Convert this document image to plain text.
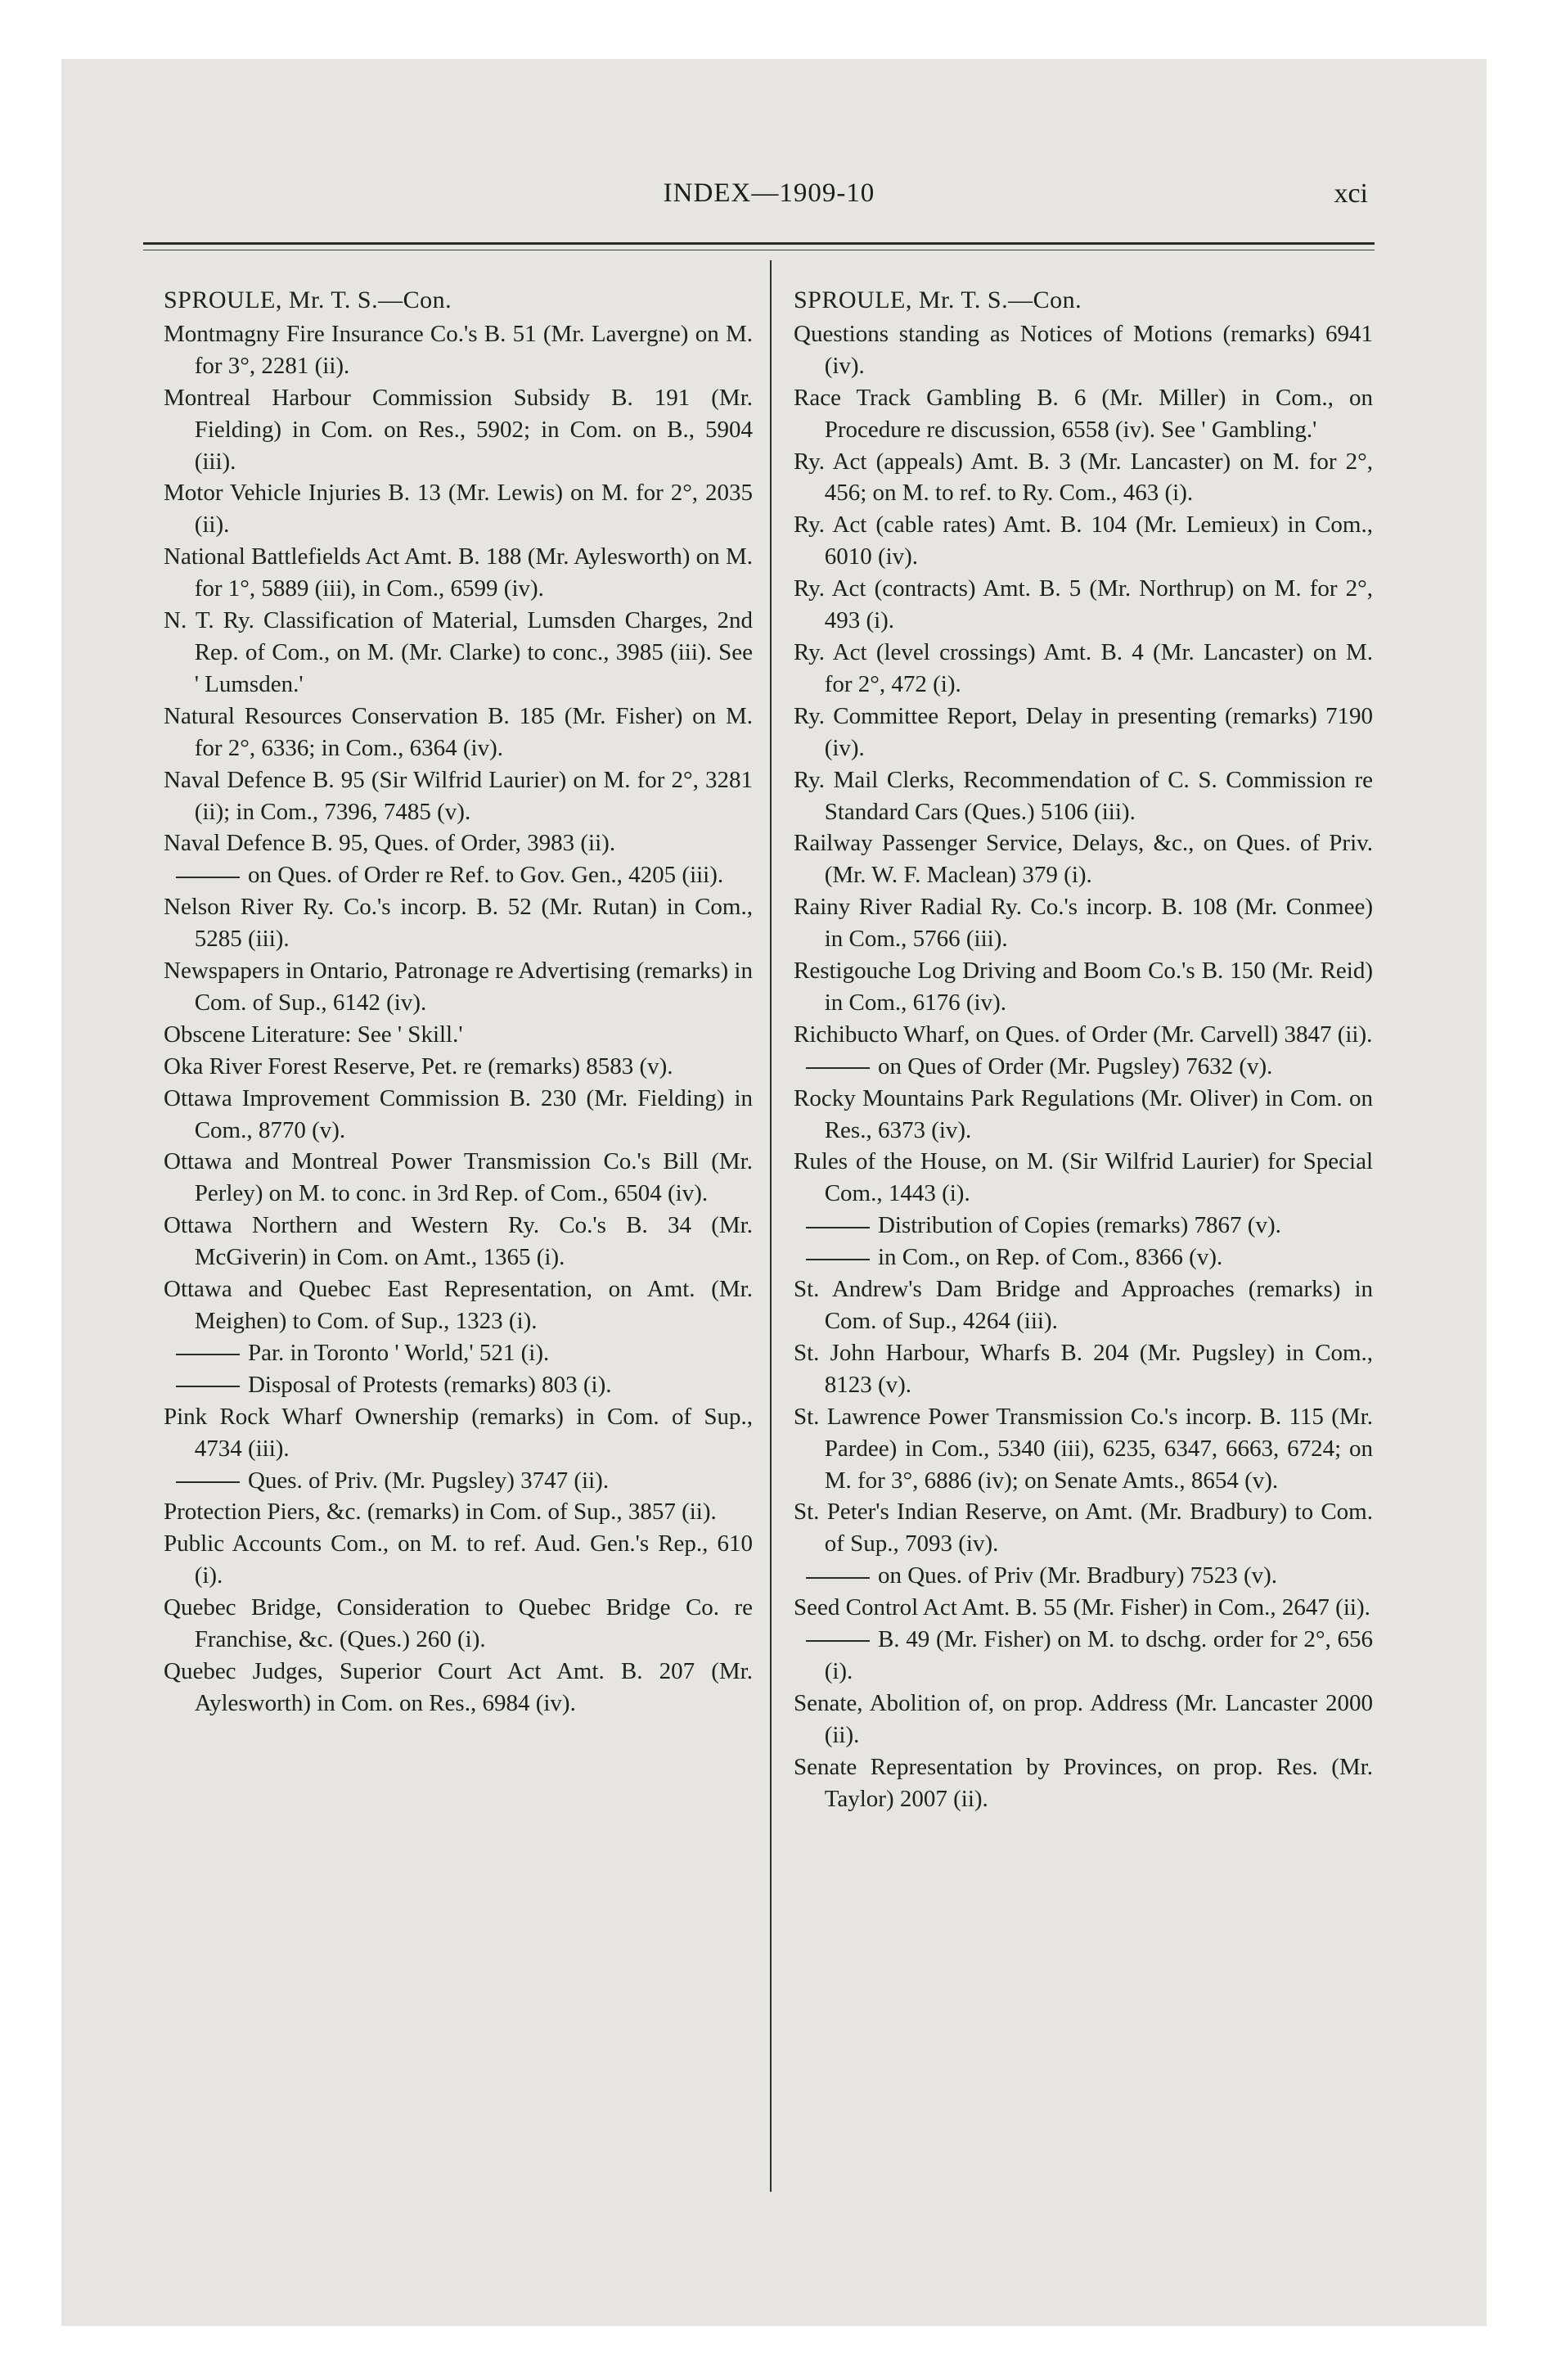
INDEX—1909-10	xci

SPROULE, Mr. T. S.—Con.

Montmagny Fire Insurance Co.'s B. 51 (Mr. Lavergne) on M. for 3°, 2281 (ii).

Montreal Harbour Commission Subsidy B. 191 (Mr. Fielding) in Com. on Res., 5902; in Com. on B., 5904 (iii).

Motor Vehicle Injuries B. 13 (Mr. Lewis) on M. for 2°, 2035 (ii).

National Battlefields Act Amt. B. 188 (Mr. Aylesworth) on M. for 1°, 5889 (iii), in Com., 6599 (iv).

N. T. Ry. Classification of Material, Lumsden Charges, 2nd Rep. of Com., on M. (Mr. Clarke) to conc., 3985 (iii). See ' Lumsden.'

Natural Resources Conservation B. 185 (Mr. Fisher) on M. for 2°, 6336; in Com., 6364 (iv).

Naval Defence B. 95 (Sir Wilfrid Laurier) on M. for 2°, 3281 (ii); in Com., 7396, 7485 (v).

Naval Defence B. 95, Ques. of Order, 3983 (ii).

on Ques. of Order re Ref. to Gov. Gen., 4205 (iii).

Nelson River Ry. Co.'s incorp. B. 52 (Mr. Rutan) in Com., 5285 (iii).

Newspapers in Ontario, Patronage re Advertising (remarks) in Com. of Sup., 6142 (iv).

Obscene Literature: See ' Skill.'

Oka River Forest Reserve, Pet. re (remarks) 8583 (v).

Ottawa Improvement Commission B. 230 (Mr. Fielding) in Com., 8770 (v).

Ottawa and Montreal Power Transmission Co.'s Bill (Mr. Perley) on M. to conc. in 3rd Rep. of Com., 6504 (iv).

Ottawa Northern and Western Ry. Co.'s B. 34 (Mr. McGiverin) in Com. on Amt., 1365 (i).

Ottawa and Quebec East Representation, on Amt. (Mr. Meighen) to Com. of Sup., 1323 (i).

Par. in Toronto ' World,' 521 (i).

Disposal of Protests (remarks) 803 (i).

Pink Rock Wharf Ownership (remarks) in Com. of Sup., 4734 (iii).

Ques. of Priv. (Mr. Pugsley) 3747 (ii).

Protection Piers, &c. (remarks) in Com. of Sup., 3857 (ii).

Public Accounts Com., on M. to ref. Aud. Gen.'s Rep., 610 (i).

Quebec Bridge, Consideration to Quebec Bridge Co. re Franchise, &c. (Ques.) 260 (i).

Quebec Judges, Superior Court Act Amt. B. 207 (Mr. Aylesworth) in Com. on Res., 6984 (iv).

SPROULE, Mr. T. S.—Con.

Questions standing as Notices of Motions (remarks) 6941 (iv).

Race Track Gambling B. 6 (Mr. Miller) in Com., on Procedure re discussion, 6558 (iv). See ' Gambling.'

Ry. Act (appeals) Amt. B. 3 (Mr. Lancaster) on M. for 2°, 456; on M. to ref. to Ry. Com., 463 (i).

Ry. Act (cable rates) Amt. B. 104 (Mr. Lemieux) in Com., 6010 (iv).

Ry. Act (contracts) Amt. B. 5 (Mr. Northrup) on M. for 2°, 493 (i).

Ry. Act (level crossings) Amt. B. 4 (Mr. Lancaster) on M. for 2°, 472 (i).

Ry. Committee Report, Delay in presenting (remarks) 7190 (iv).

Ry. Mail Clerks, Recommendation of C. S. Commission re Standard Cars (Ques.) 5106 (iii).

Railway Passenger Service, Delays, &c., on Ques. of Priv. (Mr. W. F. Maclean) 379 (i).

Rainy River Radial Ry. Co.'s incorp. B. 108 (Mr. Conmee) in Com., 5766 (iii).

Restigouche Log Driving and Boom Co.'s B. 150 (Mr. Reid) in Com., 6176 (iv).

Richibucto Wharf, on Ques. of Order (Mr. Carvell) 3847 (ii).

on Ques of Order (Mr. Pugsley) 7632 (v).

Rocky Mountains Park Regulations (Mr. Oliver) in Com. on Res., 6373 (iv).

Rules of the House, on M. (Sir Wilfrid Laurier) for Special Com., 1443 (i).

Distribution of Copies (remarks) 7867 (v).

in Com., on Rep. of Com., 8366 (v).

St. Andrew's Dam Bridge and Approaches (remarks) in Com. of Sup., 4264 (iii).

St. John Harbour, Wharfs B. 204 (Mr. Pugsley) in Com., 8123 (v).

St. Lawrence Power Transmission Co.'s incorp. B. 115 (Mr. Pardee) in Com., 5340 (iii), 6235, 6347, 6663, 6724; on M. for 3°, 6886 (iv); on Senate Amts., 8654 (v).

St. Peter's Indian Reserve, on Amt. (Mr. Bradbury) to Com. of Sup., 7093 (iv).

on Ques. of Priv (Mr. Bradbury) 7523 (v).

Seed Control Act Amt. B. 55 (Mr. Fisher) in Com., 2647 (ii).

B. 49 (Mr. Fisher) on M. to dschg. order for 2°, 656 (i).

Senate, Abolition of, on prop. Address (Mr. Lancaster 2000 (ii).

Senate Representation by Provinces, on prop. Res. (Mr. Taylor) 2007 (ii).
